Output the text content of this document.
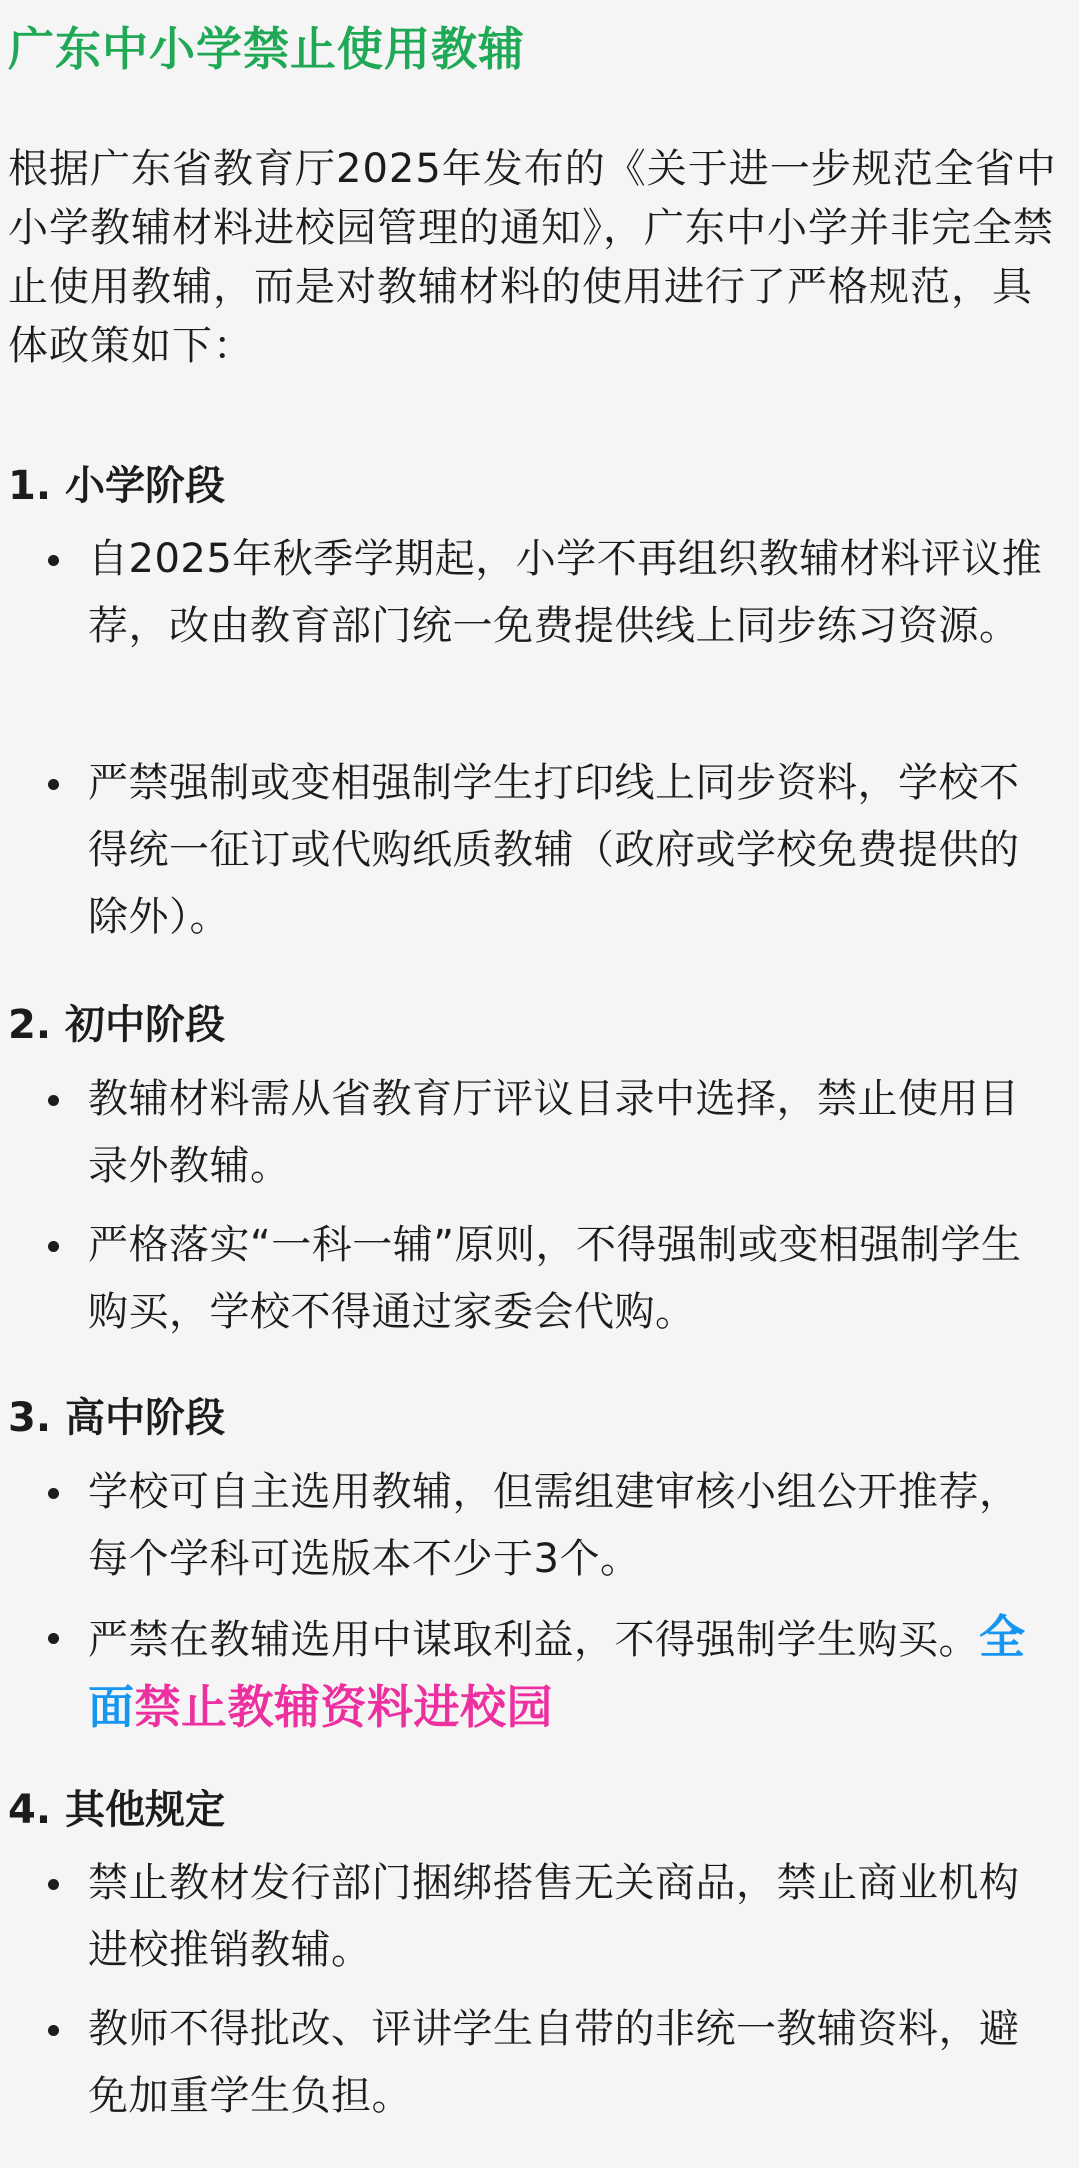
广东中小学禁止使用教辅
根据广东省教育厅2025年发布的《关于进一步规范全省中小学教辅材料进校园管理的通知》，广东中小学并非完全禁止使用教辅，而是对教辅材料的使用进行了严格规范，具体政策如下：
1. 小学阶段
自2025年秋季学期起，小学不再组织教辅材料评议推荐，改由教育部门统一免费提供线上同步练习资源。
严禁强制或变相强制学生打印线上同步资料，学校不得统一征订或代购纸质教辅（政府或学校免费提供的除外）。
2. 初中阶段
教辅材料需从省教育厅评议目录中选择，禁止使用目录外教辅。
严格落实“一科一辅”原则，不得强制或变相强制学生购买，学校不得通过家委会代购。
3. 高中阶段
学校可自主选用教辅，但需组建审核小组公开推荐，每个学科可选版本不少于3个。
严禁在教辅选用中谋取利益，不得强制学生购买。全面禁止教辅资料进校园
4. 其他规定
禁止教材发行部门捆绑搭售无关商品，禁止商业机构进校推销教辅。
教师不得批改、评讲学生自带的非统一教辅资料，避免加重学生负担。
